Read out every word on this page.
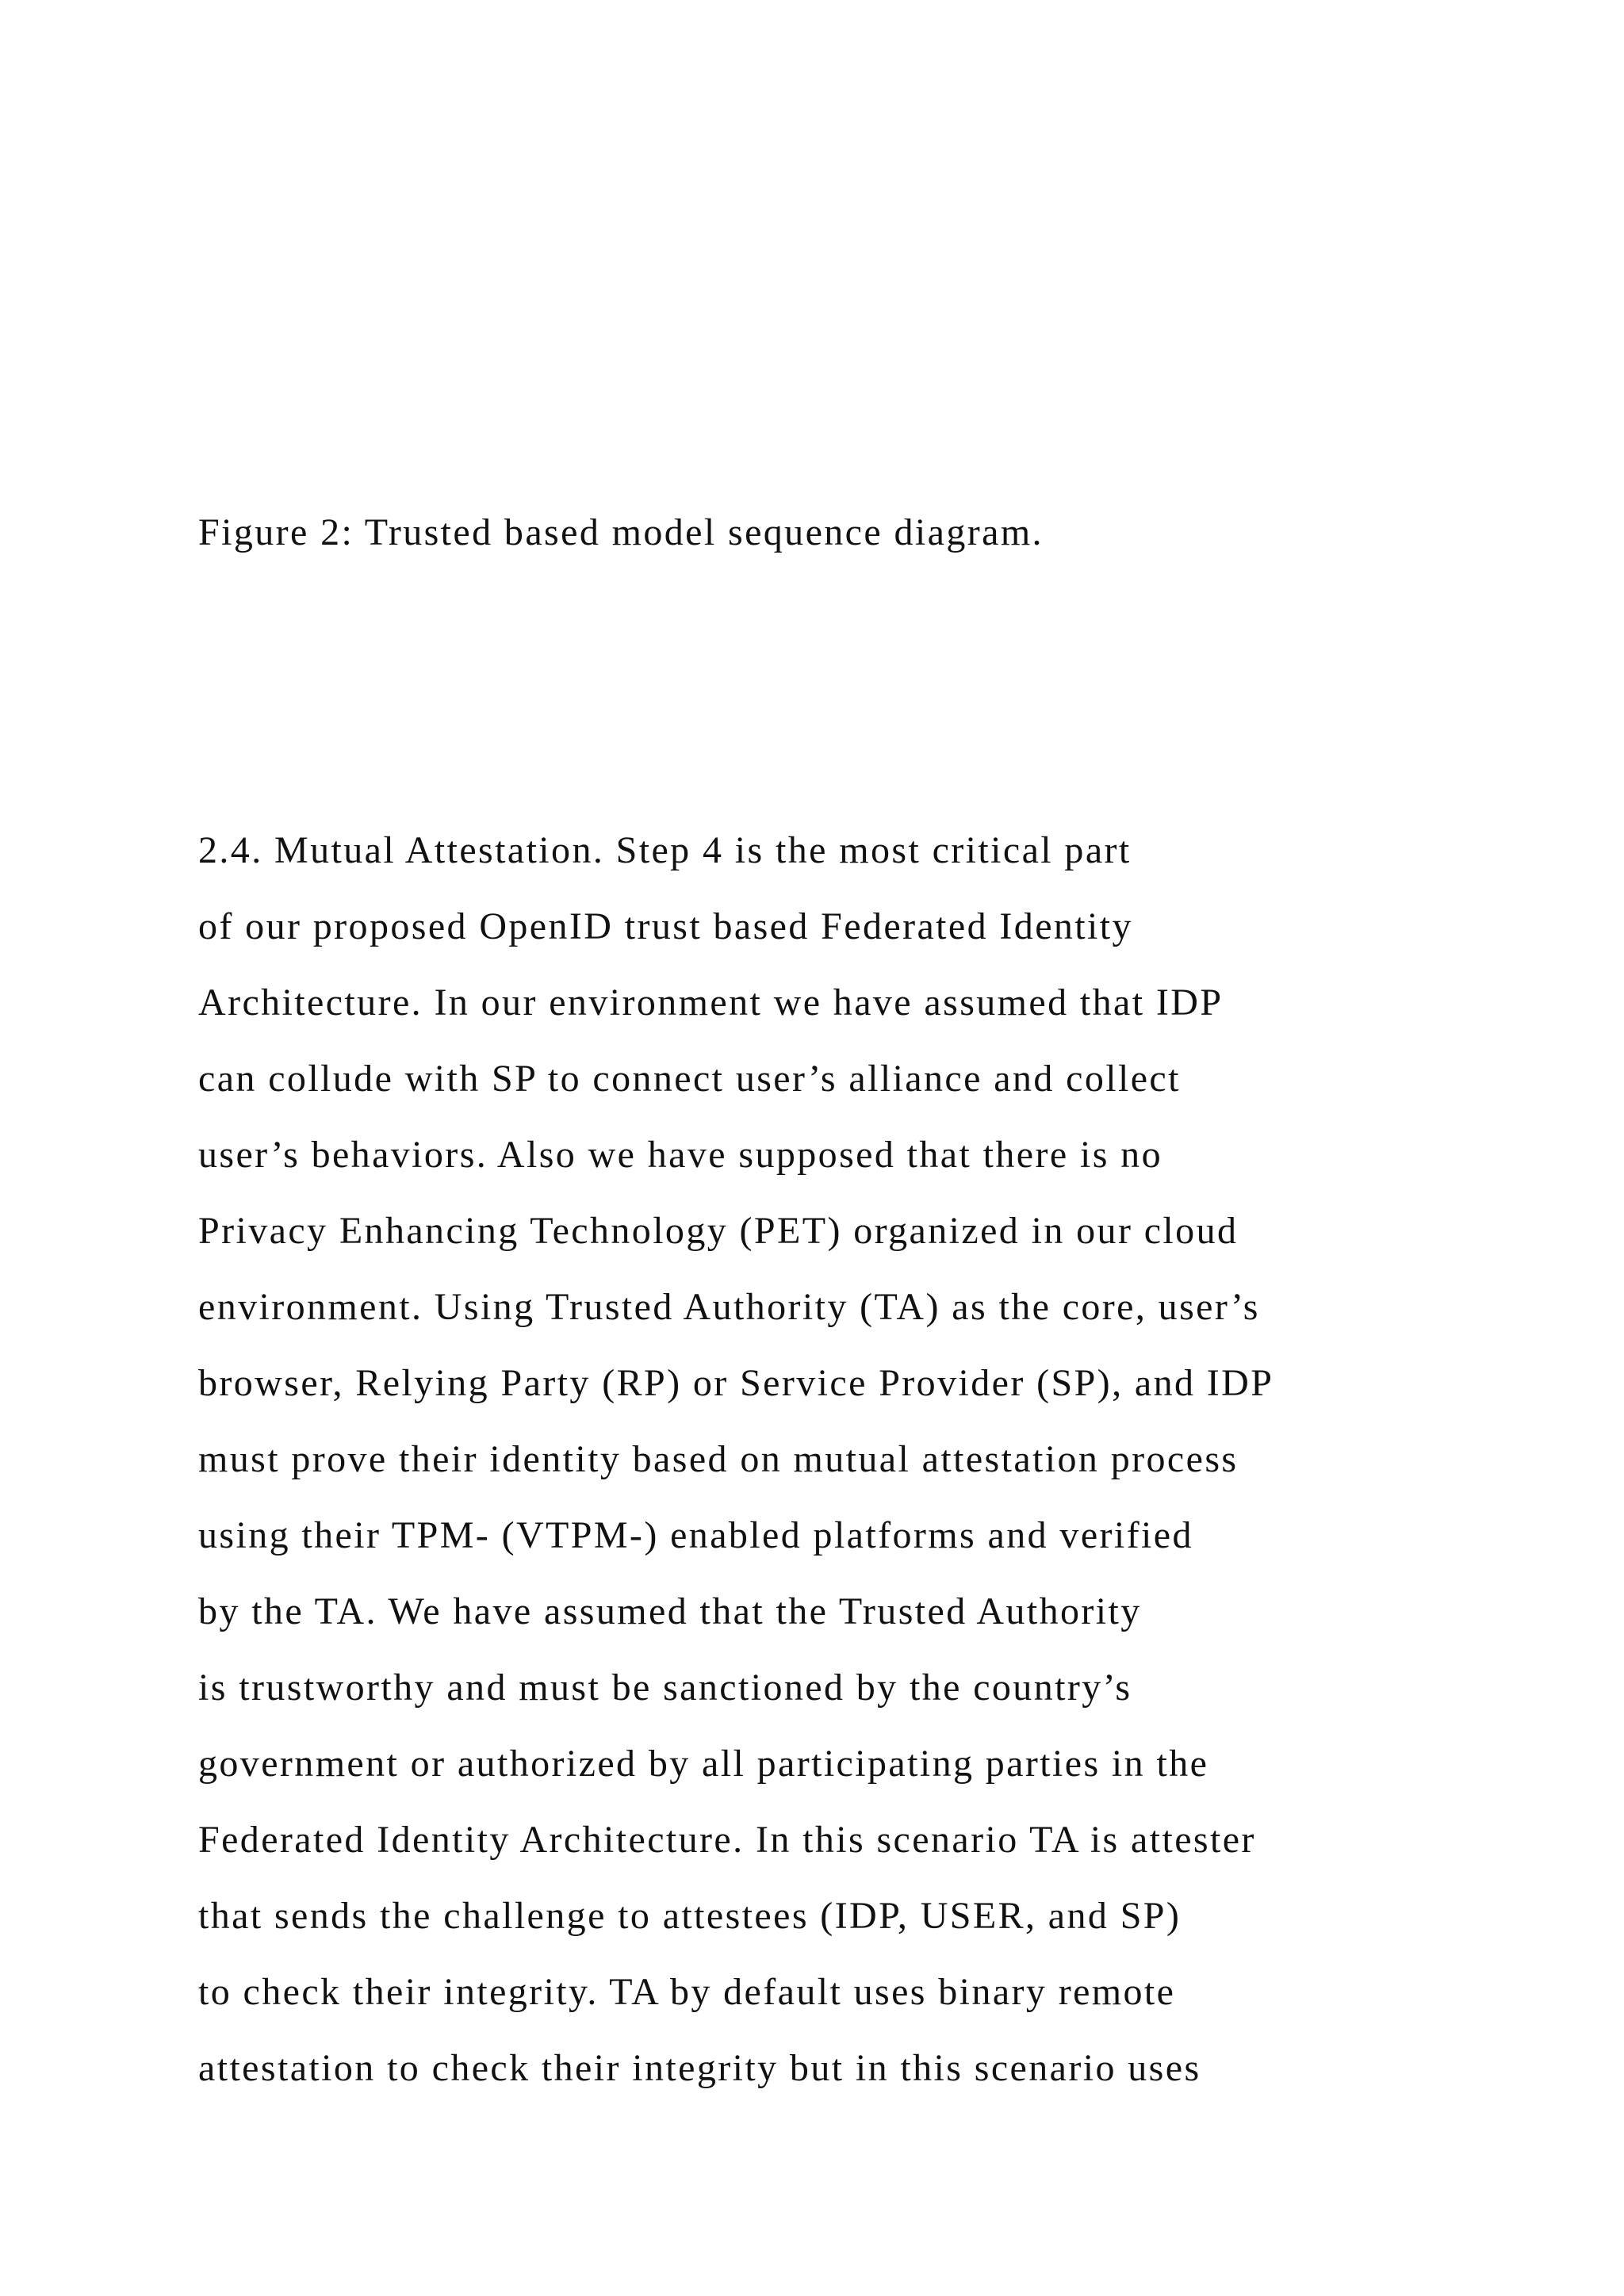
Figure 2: Trusted based model sequence diagram.

2.4. Mutual Attestation. Step 4 is the most critical part
of our proposed OpenID trust based Federated Identity
Architecture. In our environment we have assumed that IDP
can collude with SP to connect user’s alliance and collect
user’s behaviors. Also we have supposed that there is no
Privacy Enhancing Technology (PET) organized in our cloud
environment. Using Trusted Authority (TA) as the core, user’s
browser, Relying Party (RP) or Service Provider (SP), and IDP
must prove their identity based on mutual attestation process
using their TPM- (VTPM-) enabled platforms and verified
by the TA. We have assumed that the Trusted Authority
is trustworthy and must be sanctioned by the country’s
government or authorized by all participating parties in the
Federated Identity Architecture. In this scenario TA is attester
that sends the challenge to attestees (IDP, USER, and SP)
to check their integrity. TA by default uses binary remote
attestation to check their integrity but in this scenario uses
